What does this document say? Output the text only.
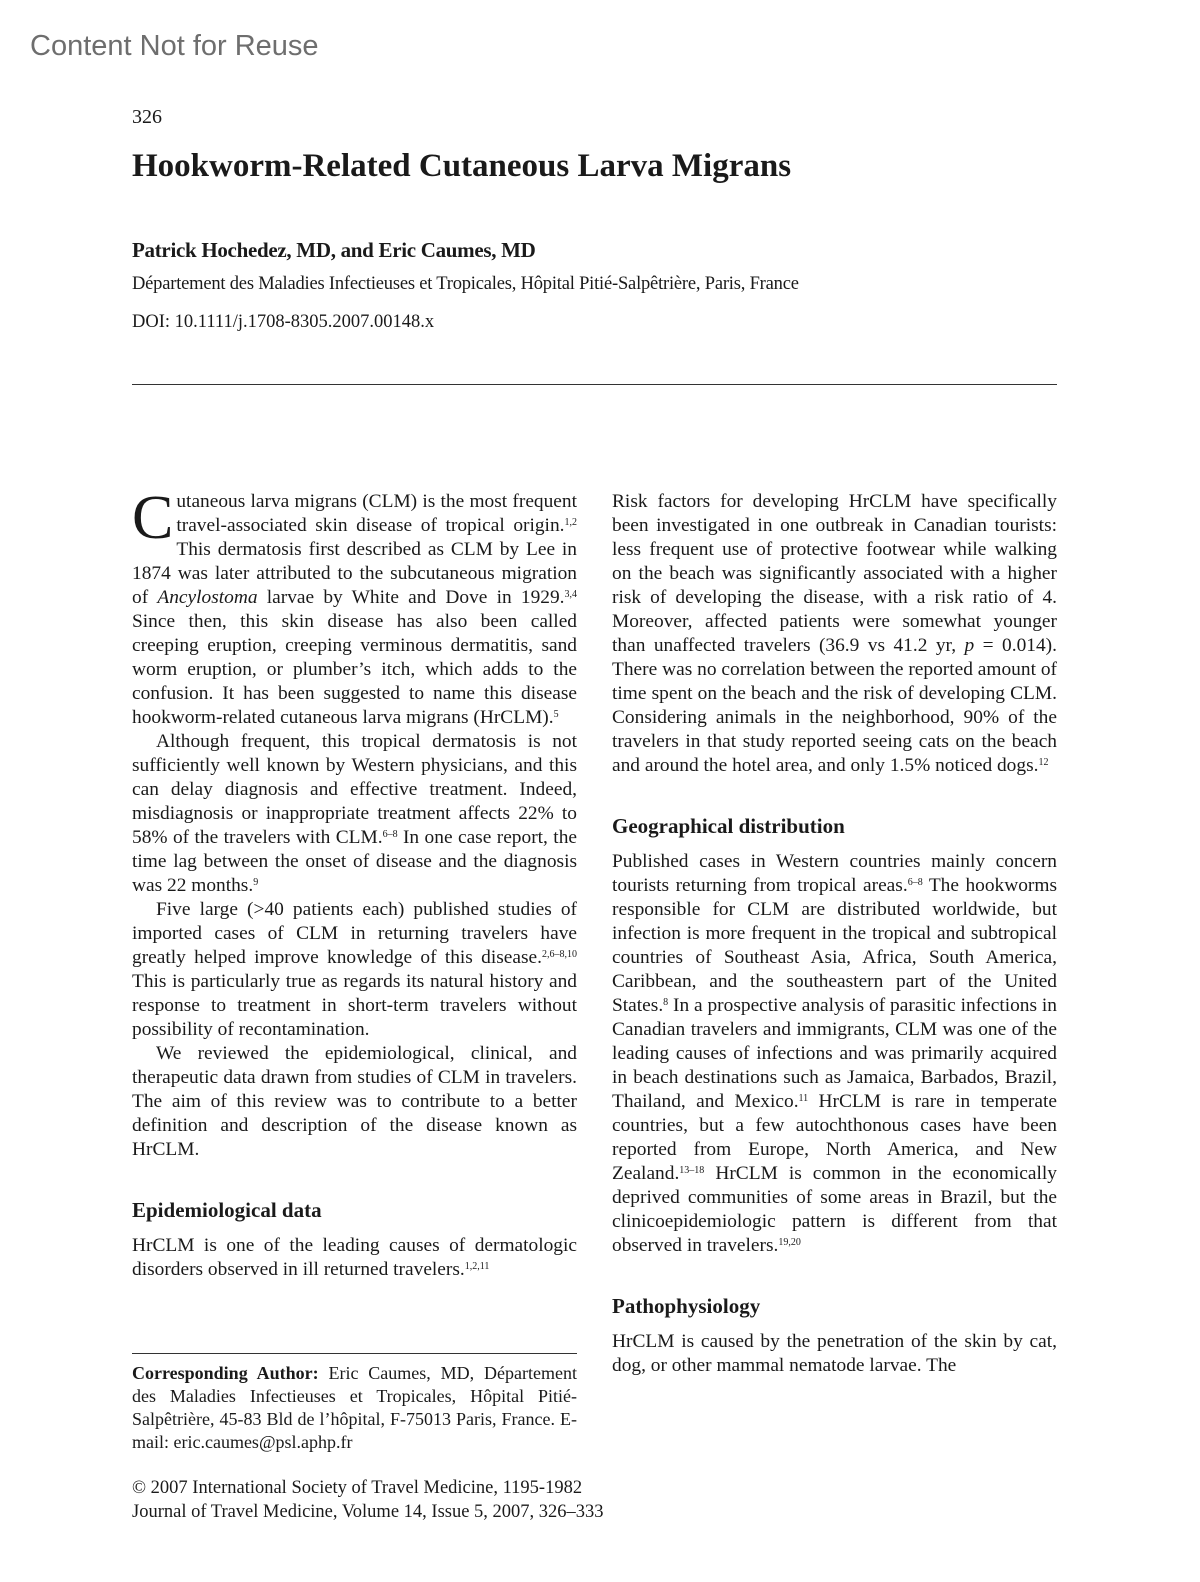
Content Not for Reuse
326
Hookworm-Related Cutaneous Larva Migrans
Patrick Hochedez, MD, and Eric Caumes, MD
Département des Maladies Infectieuses et Tropicales, Hôpital Pitié-Salpêtrière, Paris, France
DOI: 10.1111/j.1708-8305.2007.00148.x

Cutaneous larva migrans (CLM) is the most frequent travel-associated skin disease of tropical origin.$^{1,2}$ This dermatosis first described as CLM by Lee in 1874 was later attributed to the subcutaneous migration of Ancylostoma larvae by White and Dove in 1929.$^{3,4}$ Since then, this skin disease has also been called creeping eruption, creeping verminous dermatitis, sand worm eruption, or plumber’s itch, which adds to the confusion. It has been suggested to name this disease hookworm-related cutaneous larva migrans (HrCLM).$^5$

Although frequent, this tropical dermatosis is not sufficiently well known by Western physicians, and this can delay diagnosis and effective treatment. Indeed, misdiagnosis or inappropriate treatment affects 22% to 58% of the travelers with CLM.$^{6-8}$ In one case report, the time lag between the onset of disease and the diagnosis was 22 months.$^9$

Five large (>40 patients each) published studies of imported cases of CLM in returning travelers have greatly helped improve knowledge of this disease.$^{2,6-8,10}$ This is particularly true as regards its natural history and response to treatment in short-term travelers without possibility of recontamination.

We reviewed the epidemiological, clinical, and therapeutic data drawn from studies of CLM in travelers. The aim of this review was to contribute to a better definition and description of the disease known as HrCLM.

Epidemiological data

HrCLM is one of the leading causes of dermatologic disorders observed in ill returned travelers.$^{1,2,11}$

Risk factors for developing HrCLM have specifically been investigated in one outbreak in Canadian tourists: less frequent use of protective footwear while walking on the beach was significantly associated with a higher risk of developing the disease, with a risk ratio of 4. Moreover, affected patients were somewhat younger than unaffected travelers (36.9 vs 41.2 yr, p = 0.014). There was no correlation between the reported amount of time spent on the beach and the risk of developing CLM. Considering animals in the neighborhood, 90% of the travelers in that study reported seeing cats on the beach and around the hotel area, and only 1.5% noticed dogs.$^{12}$

Geographical distribution

Published cases in Western countries mainly concern tourists returning from tropical areas.$^{6-8}$ The hookworms responsible for CLM are distributed worldwide, but infection is more frequent in the tropical and subtropical countries of Southeast Asia, Africa, South America, Caribbean, and the southeastern part of the United States.$^8$ In a prospective analysis of parasitic infections in Canadian travelers and immigrants, CLM was one of the leading causes of infections and was primarily acquired in beach destinations such as Jamaica, Barbados, Brazil, Thailand, and Mexico.$^{11}$ HrCLM is rare in temperate countries, but a few autochthonous cases have been reported from Europe, North America, and New Zealand.$^{13-18}$ HrCLM is common in the economically deprived communities of some areas in Brazil, but the clinicoepidemiologic pattern is different from that observed in travelers.$^{19,20}$

Pathophysiology

HrCLM is caused by the penetration of the skin by cat, dog, or other mammal nematode larvae. The

Corresponding Author: Eric Caumes, MD, Département des Maladies Infectieuses et Tropicales, Hôpital Pitié-Salpêtrière, 45-83 Bld de l’hôpital, F-75013 Paris, France. E-mail: eric.caumes@psl.aphp.fr
© 2007 International Society of Travel Medicine, 1195-1982
Journal of Travel Medicine, Volume 14, Issue 5, 2007, 326–333
